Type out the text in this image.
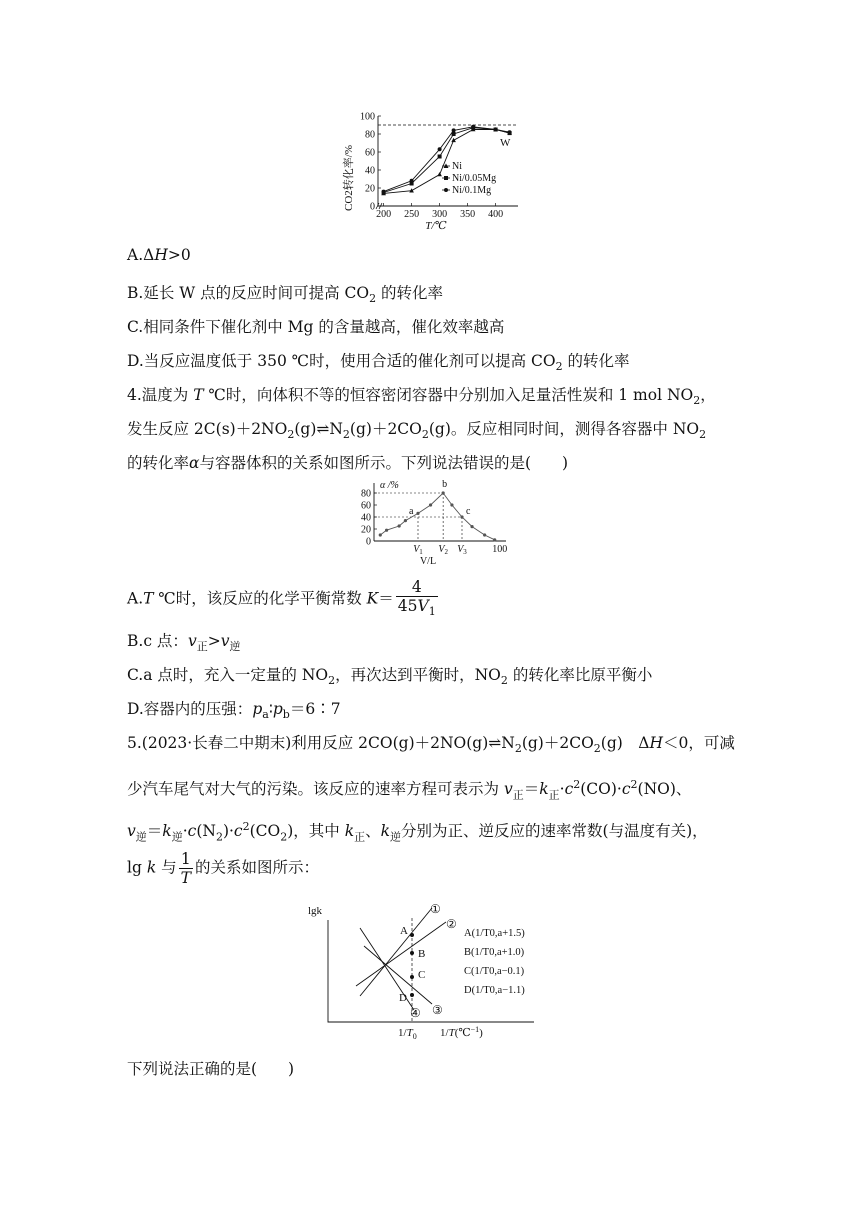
0
20
40
60
80
100
200 250 300 350 400
CO2转化率/%
T/℃
W
Ni
Ni/0.05Mg
Ni/0.1Mg
A.ΔH>0
B.延长 W 点的反应时间可提高 $CO_2$ 的转化率
C.相同条件下催化剂中 Mg 的含量越高，催化效率越高
D.当反应温度低于 350 ℃时，使用合适的催化剂可以提高 $CO_2$ 的转化率
4.温度为 T ℃时，向体积不等的恒容密闭容器中分别加入足量活性炭和 1 mol $NO_2$，
发生反应 $2C(s)+2NO_2(g)\rightleftharpoons N_2(g)+2CO_2(g)$。反应相同时间，测得各容器中 $NO_2$
的转化率α与容器体积的关系如图所示。下列说法错误的是(　　)
a
b
c
α /%
V/L
0
20
40
60
80
$V_1$ $V_2$ $V_3$	100
A.T ℃时，该反应的化学平衡常数 $K= \frac{4}{45V_1}$
B.c 点：$v_正>v_逆$
C.a 点时，充入一定量的 $NO_2$，再次达到平衡时，$NO_2$ 的转化率比原平衡小
D.容器内的压强：$p_a∶p_b=6∶7$
5.(2023·长春二中期末)利用反应 $2CO(g)+2NO(g)\rightleftharpoons N_2(g)+2CO_2(g)$　ΔH＜0，可减
少汽车尾气对大气的污染。该反应的速率方程可表示为 $v_正=k_正\cdot c^2(CO)\cdot c^2(NO)$、
$v_逆=k_逆\cdot c(N_2)\cdot c^2(CO_2)$，其中 $k_正$、$k_逆$分别为正、逆反应的速率常数(与温度有关)，
lg k 与 $\frac{1}{T}$ 的关系如图所示：
lgk
$1/T_0$ 1/T(℃$^{-1}$)
A
B
C
D
①
②
③
④
A(1/T0,a+1.5)
B(1/T0,a+1.0)
C(1/T0,a−0.1)
D(1/T0,a−1.1)
下列说法正确的是(　　)
